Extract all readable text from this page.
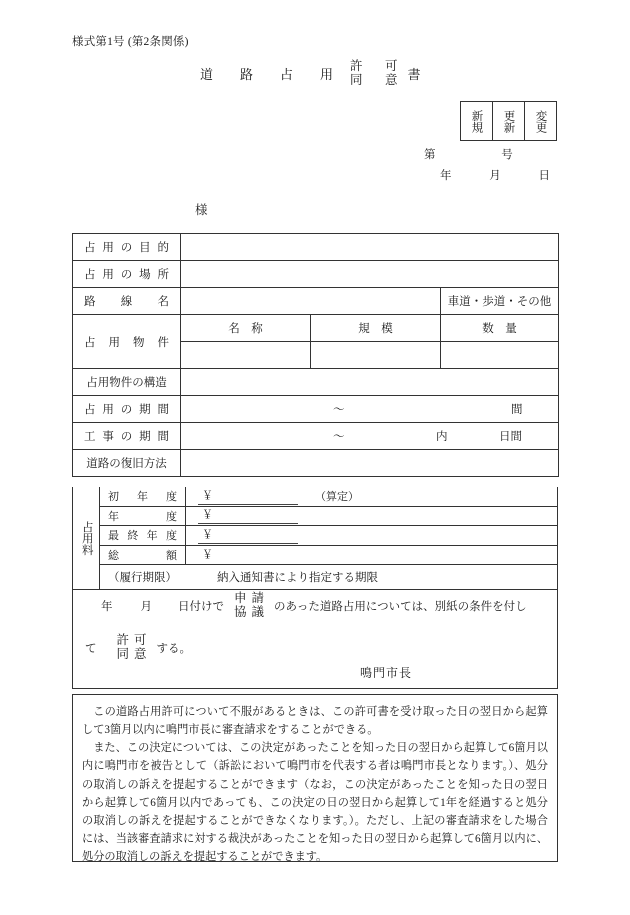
様式第1号 (第2条関係)
道　路　占　用
許　可
同　意 書
新規 更新 変更
第	号
年	月	日
様
占用の目的			
占用の場所			
路線名			車道・歩道・その他
占用物件	名　称	規　模	数　量

占用物件の構造			
占用の期間	〜 間		

工事の期間	〜 内 日間		

道路の復旧方法			
占用料
初年度	￥	（算定）
年度	￥
最終年度	￥
総額	￥
（履行期限）	納入通知書により指定する期限
年 月 日付けで
申請
協議 のあった道路占用については、別紙の条件を付し
て
許可
同意 する。
鳴門市長

この道路占用許可について不服があるときは、この許可書を受け取った日の翌日から起算して3箇月以内に鳴門市長に審査請求をすることができる。

また、この決定については、この決定があったことを知った日の翌日から起算して6箇月以内に鳴門市を被告として（訴訟において鳴門市を代表する者は鳴門市長となります。）、処分の取消しの訴えを提起することができます（なお，この決定があったことを知った日の翌日から起算して6箇月以内であっても、この決定の日の翌日から起算して1年を経過すると処分の取消しの訴えを提起することができなくなります。）。ただし、上記の審査請求をした場合には、当該審査請求に対する裁決があったことを知った日の翌日から起算して6箇月以内に、処分の取消しの訴えを提起することができます。
